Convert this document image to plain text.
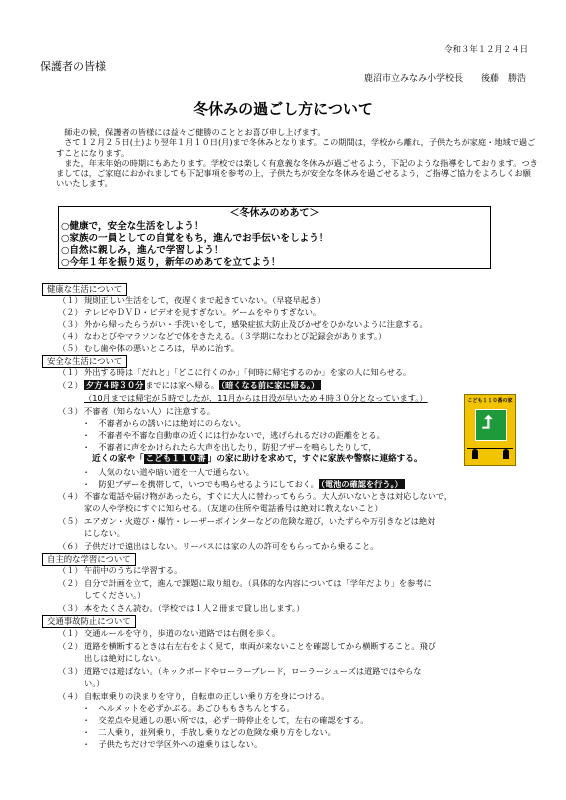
令和３年１２月２４日
保護者の皆様
鹿沼市立みなみ小学校長　　後藤　勝浩
冬休みの過ごし方について

師走の候，保護者の皆様には益々ご健勝のこととお喜び申し上げます。

さて１２月２５日(土)より翌年１月１０日(月)まで冬休みとなります。この期間は，学校から離れ，子供たちが家庭・地域で過ごすことになります。

また，年末年始の時期にもあたります。学校では楽しく有意義な冬休みが過ごせるよう，下記のような指導をしております。つきましては，ご家庭におかれましても下記事項を参考の上，子供たちが安全な冬休みを過ごせるよう，ご指導ご協力をよろしくお願いいたします。

＜冬休みのめあて＞
○健康で，安全な生活をしよう！
○家族の一員としての自覚をもち，進んでお手伝いをしよう！
○自然に親しみ，進んで学習しよう！
○今年１年を振り返り，新年のめあてを立てよう！
健康な生活について
（１）規則正しい生活をして，夜遅くまで起きていない。（早寝早起き）
（２）テレビやＤＶＤ・ビデオを見すぎない。ゲームをやりすぎない。
（３）外から帰ったらうがい・手洗いをして，感染症拡大防止及びかぜをひかないように注意する。
（４）なわとびやマラソンなどで体をきたえる。（３学期になわとび記録会があります。）
（５）むし歯や体の悪いところは，早めに治す。
安全な生活について
（１）外出する時は「だれと」「どこに行くのか」「何時に帰宅するのか」を家の人に知らせる。
（２） 夕方４時３０分 までには家へ帰る。 （暗くなる前に家に帰る。）
（10月までは帰宅が５時でしたが，11月からは日没が早いため４時３０分となっています。）
（３）不審者（知らない人）に注意する。
・　不審者からの誘いには絶対にのらない。
・　不審者や不審な自動車の近くには行かないで，逃げられるだけの距離をとる。
・　不審者に声をかけられたら大声を出したり，防犯ブザーを鳴らしたりして，
近くの家や「 こども１１０番 」の家に助けを求めて，すぐに家族や警察に連絡する。
・　人気のない道や暗い道を一人で通らない。
・　防犯ブザーを携帯して，いつでも鳴らせるようにしておく。 （電池の確認を行う。）
（４）不審な電話や届け物があったら，すぐに大人に替わってもらう。大人がいないときは対応しないで，
家の人や学校にすぐに知らせる。（友達の住所や電話番号は絶対に教えないこと）
（５）エアガン・火遊び・爆竹・レーザーポインターなどの危険な遊び，いたずらや万引きなどは絶対
にしない。
（６）子供だけで遠出はしない。リーバスには家の人の許可をもらってから乗ること。
こども１１０番の家
⮥
自主的な学習について
（１）午前中のうちに学習する。
（２）自分で計画を立て，進んで課題に取り組む。（具体的な内容については「学年だより」を参考に
してください。）
（３）本をたくさん読む。（学校では１人２冊まで貸し出します。）
交通事故防止について
（１）交通ルールを守り，歩道のない道路では右側を歩く。
（２）道路を横断するときは右左右をよく見て，車両が来ないことを確認してから横断すること。飛び
出しは絶対にしない。
（３）道路では遊ばない。（キックボードやローラーブレード，ローラーシューズは道路ではやらな
い。）
（４）自転車乗りの決まりを守り，自転車の正しい乗り方を身につける。
・　ヘルメットを必ずかぶる。あごひももきちんとする。
・　交差点や見通しの悪い所では，必ず一時停止をして，左右の確認をする。
・　二人乗り，並列乗り，手放し乗りなどの危険な乗り方をしない。
・　子供たちだけで学区外への遠乗りはしない。
